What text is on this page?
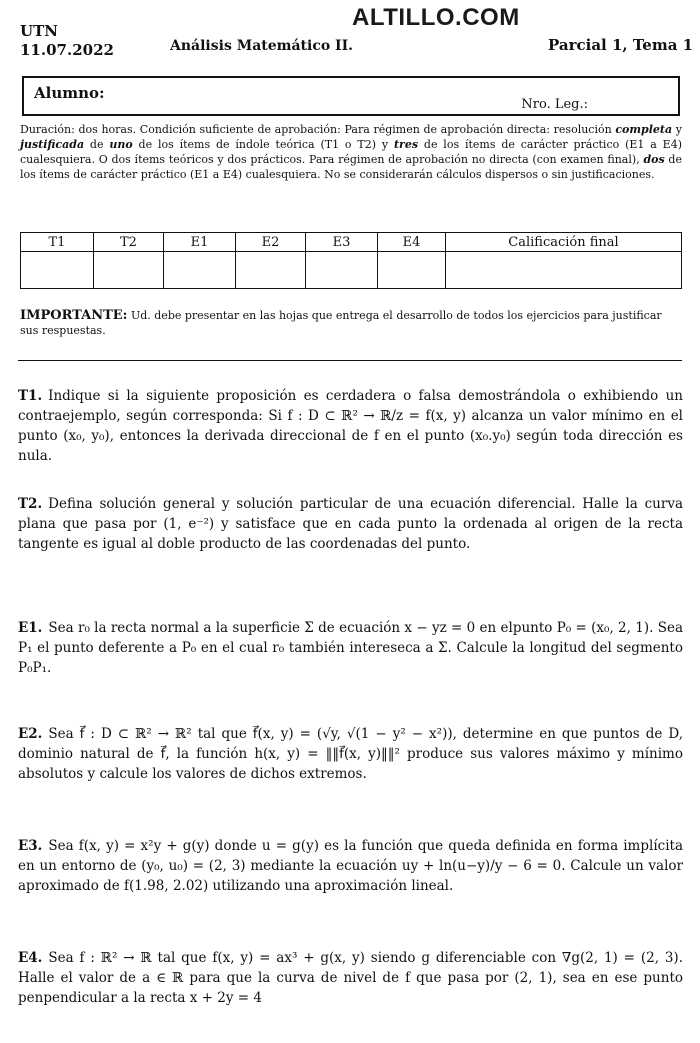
ALTILLO.COM
UTN
11.07.2022	Análisis Matemático II.	Parcial 1, Tema 1
Alumno:
Nro. Leg.:
Duración: dos horas. Condición suficiente de aprobación: Para régimen de aprobación directa: resolución completa y justificada de uno de los ítems de índole teórica (T1 o T2) y tres de los ítems de carácter práctico (E1 a E4) cualesquiera. O dos ítems teóricos y dos prácticos. Para régimen de aprobación no directa (con examen final), dos de los ítems de carácter práctico (E1 a E4) cualesquiera. No se considerarán cálculos dispersos o sin justificaciones.
T1	T2	E1	E2	E3	E4	Calificación final

IMPORTANTE: Ud. debe presentar en las hojas que entrega el desarrollo de todos los ejercicios para justificar sus respuestas.
T1. Indique si la siguiente proposición es cerdadera o falsa demostrándola o exhibiendo un contraejemplo, según corresponda: Si f : D ⊂ ℝ² → ℝ/z = f(x, y) alcanza un valor mínimo en el punto (x₀, y₀), entonces la derivada direccional de f en el punto (x₀.y₀) según toda dirección es nula.
T2. Defina solución general y solución particular de una ecuación diferencial. Halle la curva plana que pasa por (1, e⁻²) y satisface que en cada punto la ordenada al origen de la recta tangente es igual al doble producto de las coordenadas del punto.
E1. Sea r₀ la recta normal a la superficie Σ de ecuación x − yz = 0 en elpunto P₀ = (x₀, 2, 1). Sea P₁ el punto deferente a P₀ en el cual r₀ también intereseca a Σ. Calcule la longitud del segmento P₀P₁.
E2. Sea f⃗ : D ⊂ ℝ² → ℝ² tal que f⃗(x, y) = (√y, √(1 − y² − x²)), determine en que puntos de D, dominio natural de f⃗, la función h(x, y) = ‖‖f⃗(x, y)‖‖² produce sus valores máximo y mínimo absolutos y calcule los valores de dichos extremos.
E3. Sea f(x, y) = x²y + g(y) donde u = g(y) es la función que queda definida en forma implícita en un entorno de (y₀, u₀) = (2, 3) mediante la ecuación uy + ln(u−y)/y − 6 = 0. Calcule un valor aproximado de f(1.98, 2.02) utilizando una aproximación lineal.
E4. Sea f : ℝ² → ℝ tal que f(x, y) = ax³ + g(x, y) siendo g diferenciable con ∇g(2, 1) = (2, 3). Halle el valor de a ∈ ℝ para que la curva de nivel de f que pasa por (2, 1), sea en ese punto penpendicular a la recta x + 2y = 4
